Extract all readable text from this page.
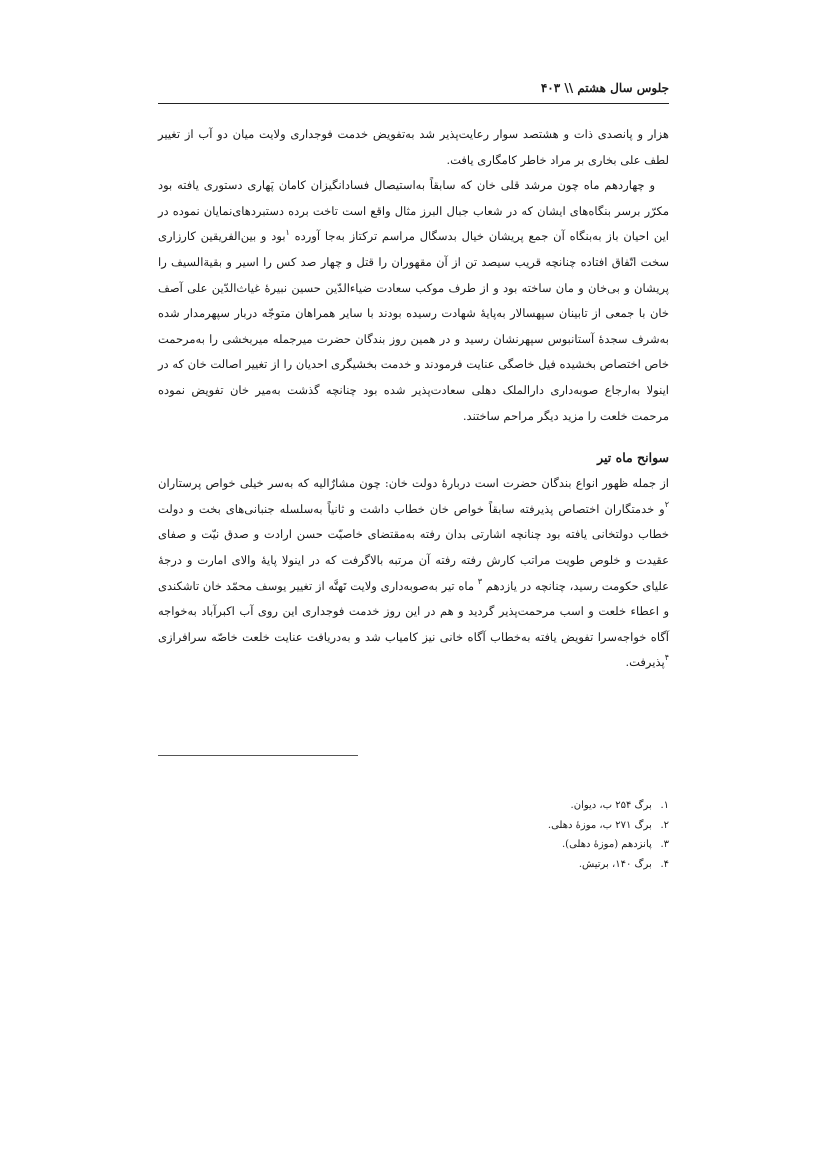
جلوس سال هشتم \\ ۴۰۳

هزار و پانصدی ذات و هشتصد سوار رعایت‌پذیر شد به‌تفویض خدمت فوجداری ولایت میان دو آب از تغییر لطف علی بخاری بر مراد خاطر کامگاری یافت.

و چهاردهم ماه چون مرشد قلی خان که سابقاً به‌استیصال فسادانگیزان کامان پَهاری دستوری یافته بود مکرّر برسر بنگاه‌های ایشان که در شعاب جبال البرز مثال واقع است تاخت برده دستبردهای‌نمایان نموده در این احیان باز به‌بنگاه آن جمع پریشان خیال بدسگال مراسم ترکتاز به‌جا آورده $^۱$بود و بین‌الفریقین کارزاری سخت اتّفاق افتاده چنانچه قریب سیصد تن از آن مقهوران را قتل و چهار صد کس را اسیر و بقیةالسیف را پریشان و بی‌خان و مان ساخته بود و از طرف موکب سعادت ضیاءالدّین حسین نبیرهٔ غیاث‌الدّین علی آصف خان با جمعی از تابینان سپهسالار به‌پایهٔ شهادت رسیده بودند با سایر همراهان متوجّه دربار سپهرمدار شده به‌شرف سجدهٔ آستانبوس سپهرنشان رسید و در همین روز بندگان حضرت میرجمله میربخشی را به‌مرحمت خاص اختصاص بخشیده فیل خاصگی عنایت فرمودند و خدمت بخشیگری احدیان را از تغییر اصالت خان که در اینولا به‌ارجاع صوبه‌داری دارالملک دهلی سعادت‌پذیر شده بود چنانچه گذشت به‌میر خان تفویض نموده مرحمت خلعت را مزید دیگر مراحم ساختند.

سوانح ماه تیر

از جمله ظهور انواع بندگان حضرت است دربارهٔ دولت خان: چون مشارٌالیه که به‌سر خیلی خواص پرستاران $^۲$و خدمتگاران اختصاص پذیرفته سابقاً خواص خان خطاب داشت و ثانیاً به‌سلسله جنبانی‌های بخت و دولت خطاب دولتخانی یافته بود چنانچه اشارتی بدان رفته به‌مقتضای خاصیّت حسن ارادت و صدق نیّت و صفای عقیدت و خلوص طویت مراتب کارش رفته رفته آن مرتبه بالاگرفت که در اینولا پایهٔ والای امارت و درجهٔ علیای حکومت رسید، چنانچه در یازدهم $^۳$ ماه تیر به‌صوبه‌داری ولایت تَهتَّه از تغییر یوسف محمّد خان تاشکندی و اعطاء خلعت و اسب مرحمت‌پذیر گردید و هم در این روز خدمت فوجداری این روی آب اکبرآباد به‌خواجه آگاه خواجه‌سرا تفویض یافته به‌خطاب آگاه خانی نیز کامیاب شد و به‌دریافت عنایت خلعت خاصّه سرافرازی $^۴$پذیرفت.

۱. برگ ۲۵۴ ب، دیوان.
۲. برگ ۲۷۱ ب، موزهٔ دهلی.
۳. پانزدهم (موزهٔ دهلی).
۴. برگ ۱۴۰، برتیش.
